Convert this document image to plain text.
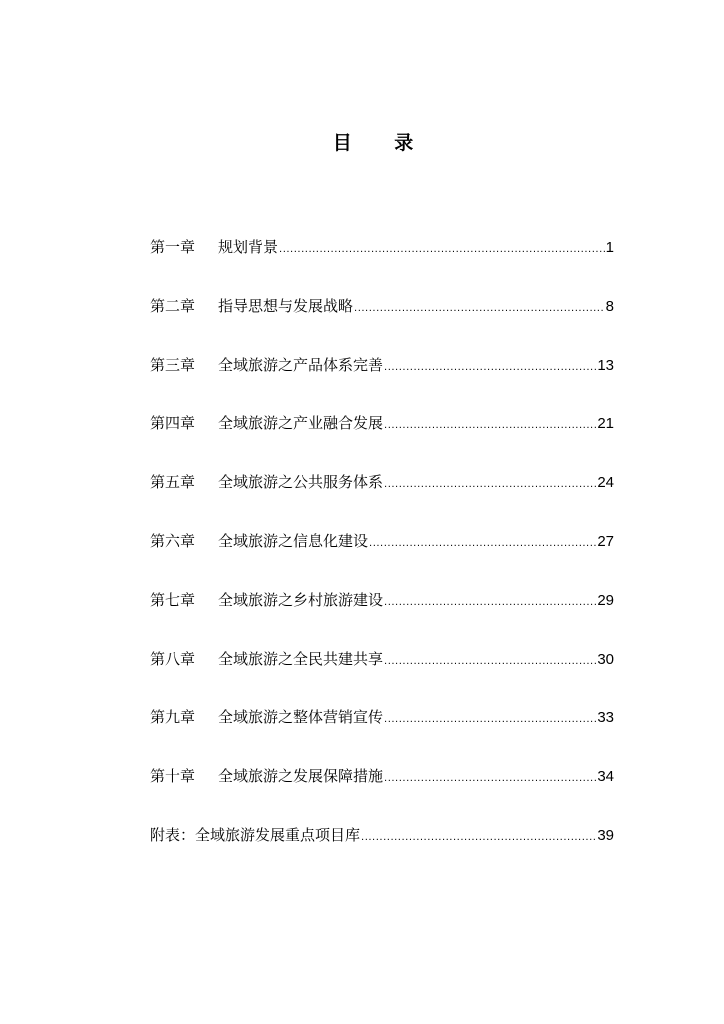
目 录
第一章	规划背景 .....	1
第二章	指导思想与发展战略 .....	8
第三章	全域旅游之产品体系完善 .....	13
第四章	全域旅游之产业融合发展 .....	21
第五章	全域旅游之公共服务体系 .....	24
第六章	全域旅游之信息化建设 .....	27
第七章	全域旅游之乡村旅游建设 .....	29
第八章	全域旅游之全民共建共享 .....	30
第九章	全域旅游之整体营销宣传 .....	33
第十章	全域旅游之发展保障措施 .....	34
附表：全域旅游发展重点项目库 .....	39
